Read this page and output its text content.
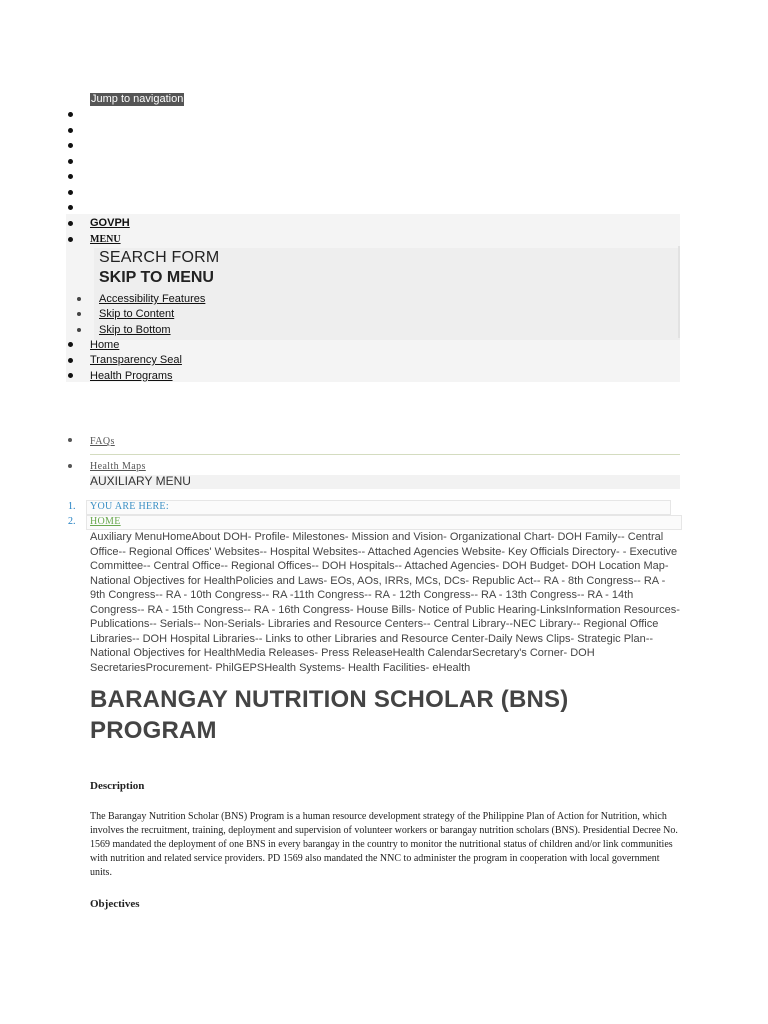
Jump to navigation
GOVPH
MENU
SEARCH FORM
SKIP TO MENU
Accessibility Features
Skip to Content
Skip to Bottom
Home
Transparency Seal
Health Programs
FAQs
Health Maps
AUXILIARY MENU
1. YOU ARE HERE:
2. HOME

Auxiliary MenuHomeAbout DOH- Profile- Milestones- Mission and Vision- Organizational Chart- DOH Family-- Central Office-- Regional Offices' Websites-- Hospital Websites-- Attached Agencies Website- Key Officials Directory- - Executive Committee-- Central Office-- Regional Offices-- DOH Hospitals-- Attached Agencies- DOH Budget- DOH Location Map- National Objectives for HealthPolicies and Laws- EOs, AOs, IRRs, MCs, DCs- Republic Act-- RA - 8th Congress-- RA - 9th Congress-- RA - 10th Congress-- RA -11th Congress-- RA - 12th Congress-- RA - 13th Congress-- RA - 14th Congress-- RA - 15th Congress-- RA - 16th Congress- House Bills- Notice of Public Hearing-LinksInformation Resources- Publications-- Serials-- Non-Serials- Libraries and Resource Centers-- Central Library--NEC Library-- Regional Office Libraries-- DOH Hospital Libraries-- Links to other Libraries and Resource Center-Daily News Clips- Strategic Plan-- National Objectives for HealthMedia Releases- Press ReleaseHealth CalendarSecretary's Corner- DOH SecretariesProcurement- PhilGEPSHealth Systems- Health Facilities- eHealth

BARANGAY NUTRITION SCHOLAR (BNS) PROGRAM
Description

The Barangay Nutrition Scholar (BNS) Program is a human resource development strategy of the Philippine Plan of Action for Nutrition, which involves the recruitment, training, deployment and supervision of volunteer workers or barangay nutrition scholars (BNS). Presidential Decree No. 1569 mandated the deployment of one BNS in every barangay in the country to monitor the nutritional status of children and/or link communities with nutrition and related service providers. PD 1569 also mandated the NNC to administer the program in cooperation with local government units.

Objectives
